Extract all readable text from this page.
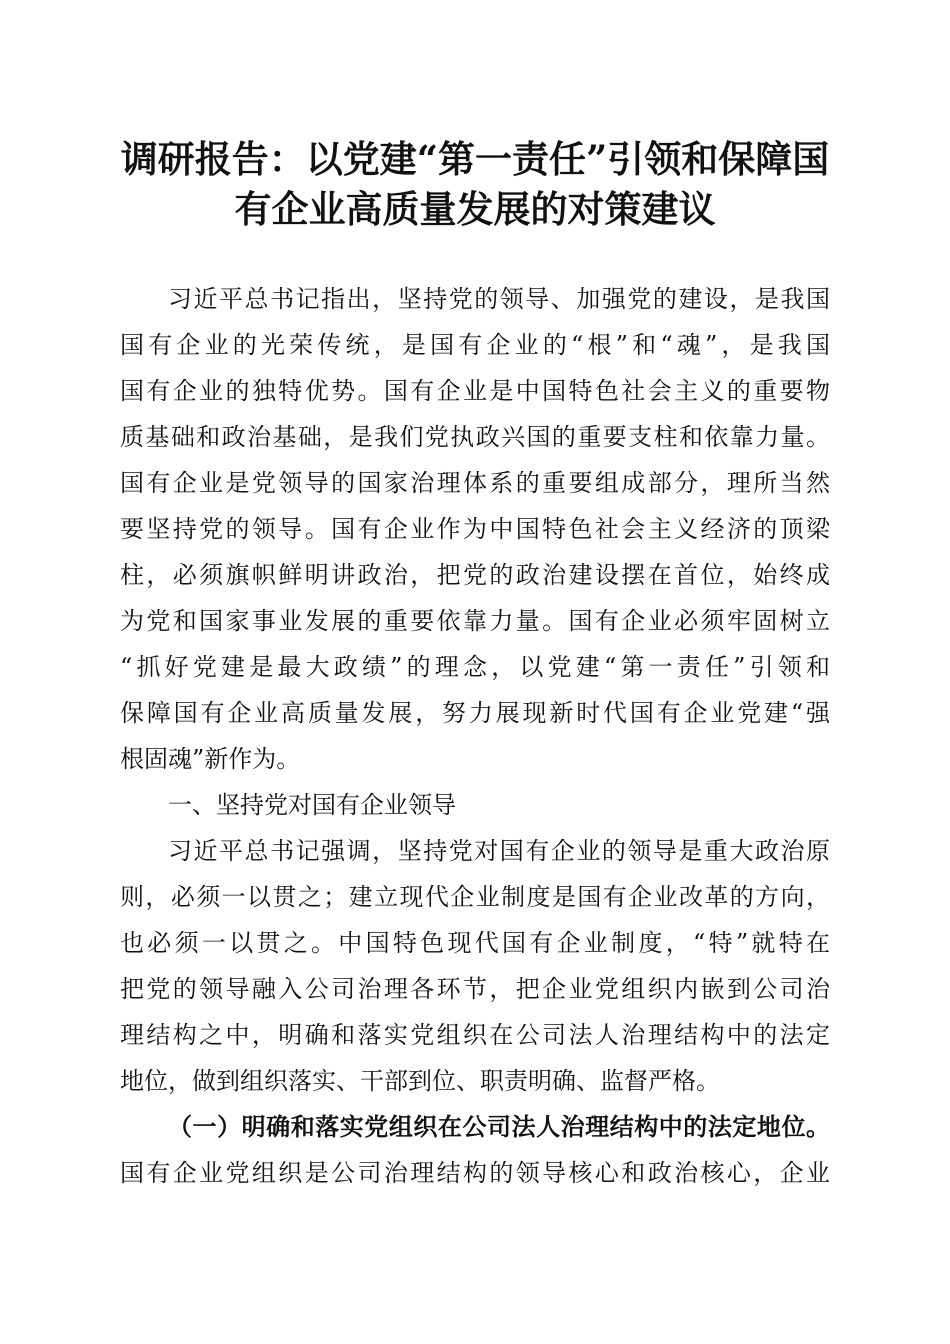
调研报告：以党建“第一责任”引领和保障国
有企业高质量发展的对策建议
习近平总书记指出，坚持党的领导、加强党的建设，是我国
国有企业的光荣传统，是国有企业的“根”和“魂”，是我国
国有企业的独特优势。国有企业是中国特色社会主义的重要物
质基础和政治基础，是我们党执政兴国的重要支柱和依靠力量。
国有企业是党领导的国家治理体系的重要组成部分，理所当然
要坚持党的领导。国有企业作为中国特色社会主义经济的顶梁
柱，必须旗帜鲜明讲政治，把党的政治建设摆在首位，始终成
为党和国家事业发展的重要依靠力量。国有企业必须牢固树立
“抓好党建是最大政绩”的理念，以党建“第一责任”引领和
保障国有企业高质量发展，努力展现新时代国有企业党建“强
根固魂”新作为。
一、坚持党对国有企业领导
习近平总书记强调，坚持党对国有企业的领导是重大政治原
则，必须一以贯之；建立现代企业制度是国有企业改革的方向，
也必须一以贯之。中国特色现代国有企业制度，“特”就特在
把党的领导融入公司治理各环节，把企业党组织内嵌到公司治
理结构之中，明确和落实党组织在公司法人治理结构中的法定
地位，做到组织落实、干部到位、职责明确、监督严格。
（一）明确和落实党组织在公司法人治理结构中的法定地位。
国有企业党组织是公司治理结构的领导核心和政治核心，企业
